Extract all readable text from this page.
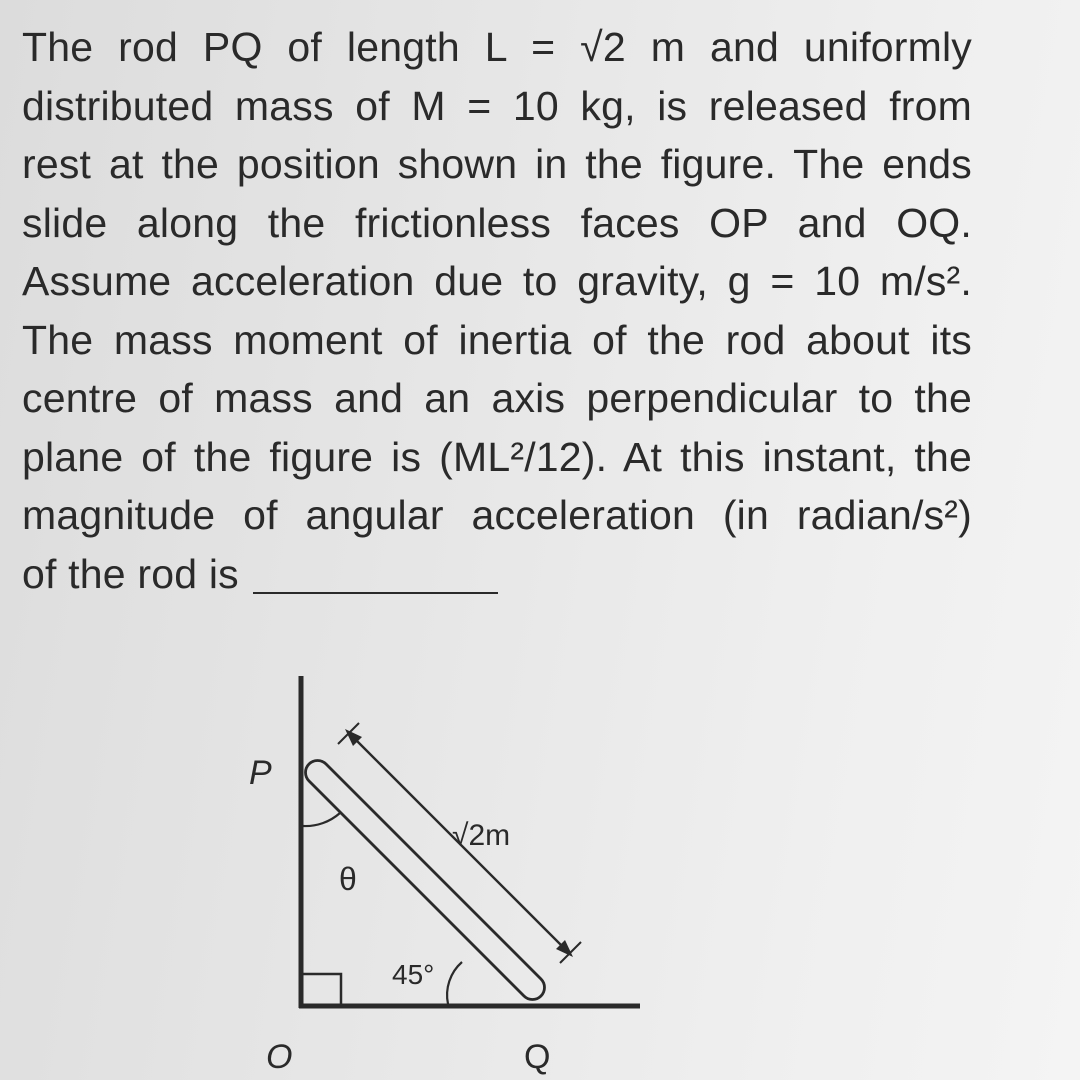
The rod PQ of length L = √2 m and uniformly
distributed mass of M = 10 kg, is released from
rest at the position shown in the figure. The ends
slide along the frictionless faces OP and OQ.
Assume acceleration due to gravity, g = 10 m/s².
The mass moment of inertia of the rod about its
centre of mass and an axis perpendicular to the
plane of the figure is (ML²/12). At this instant, the
magnitude of angular acceleration (in radian/s²)
of the rod is
P
O	Q
θ
45°
√2m
